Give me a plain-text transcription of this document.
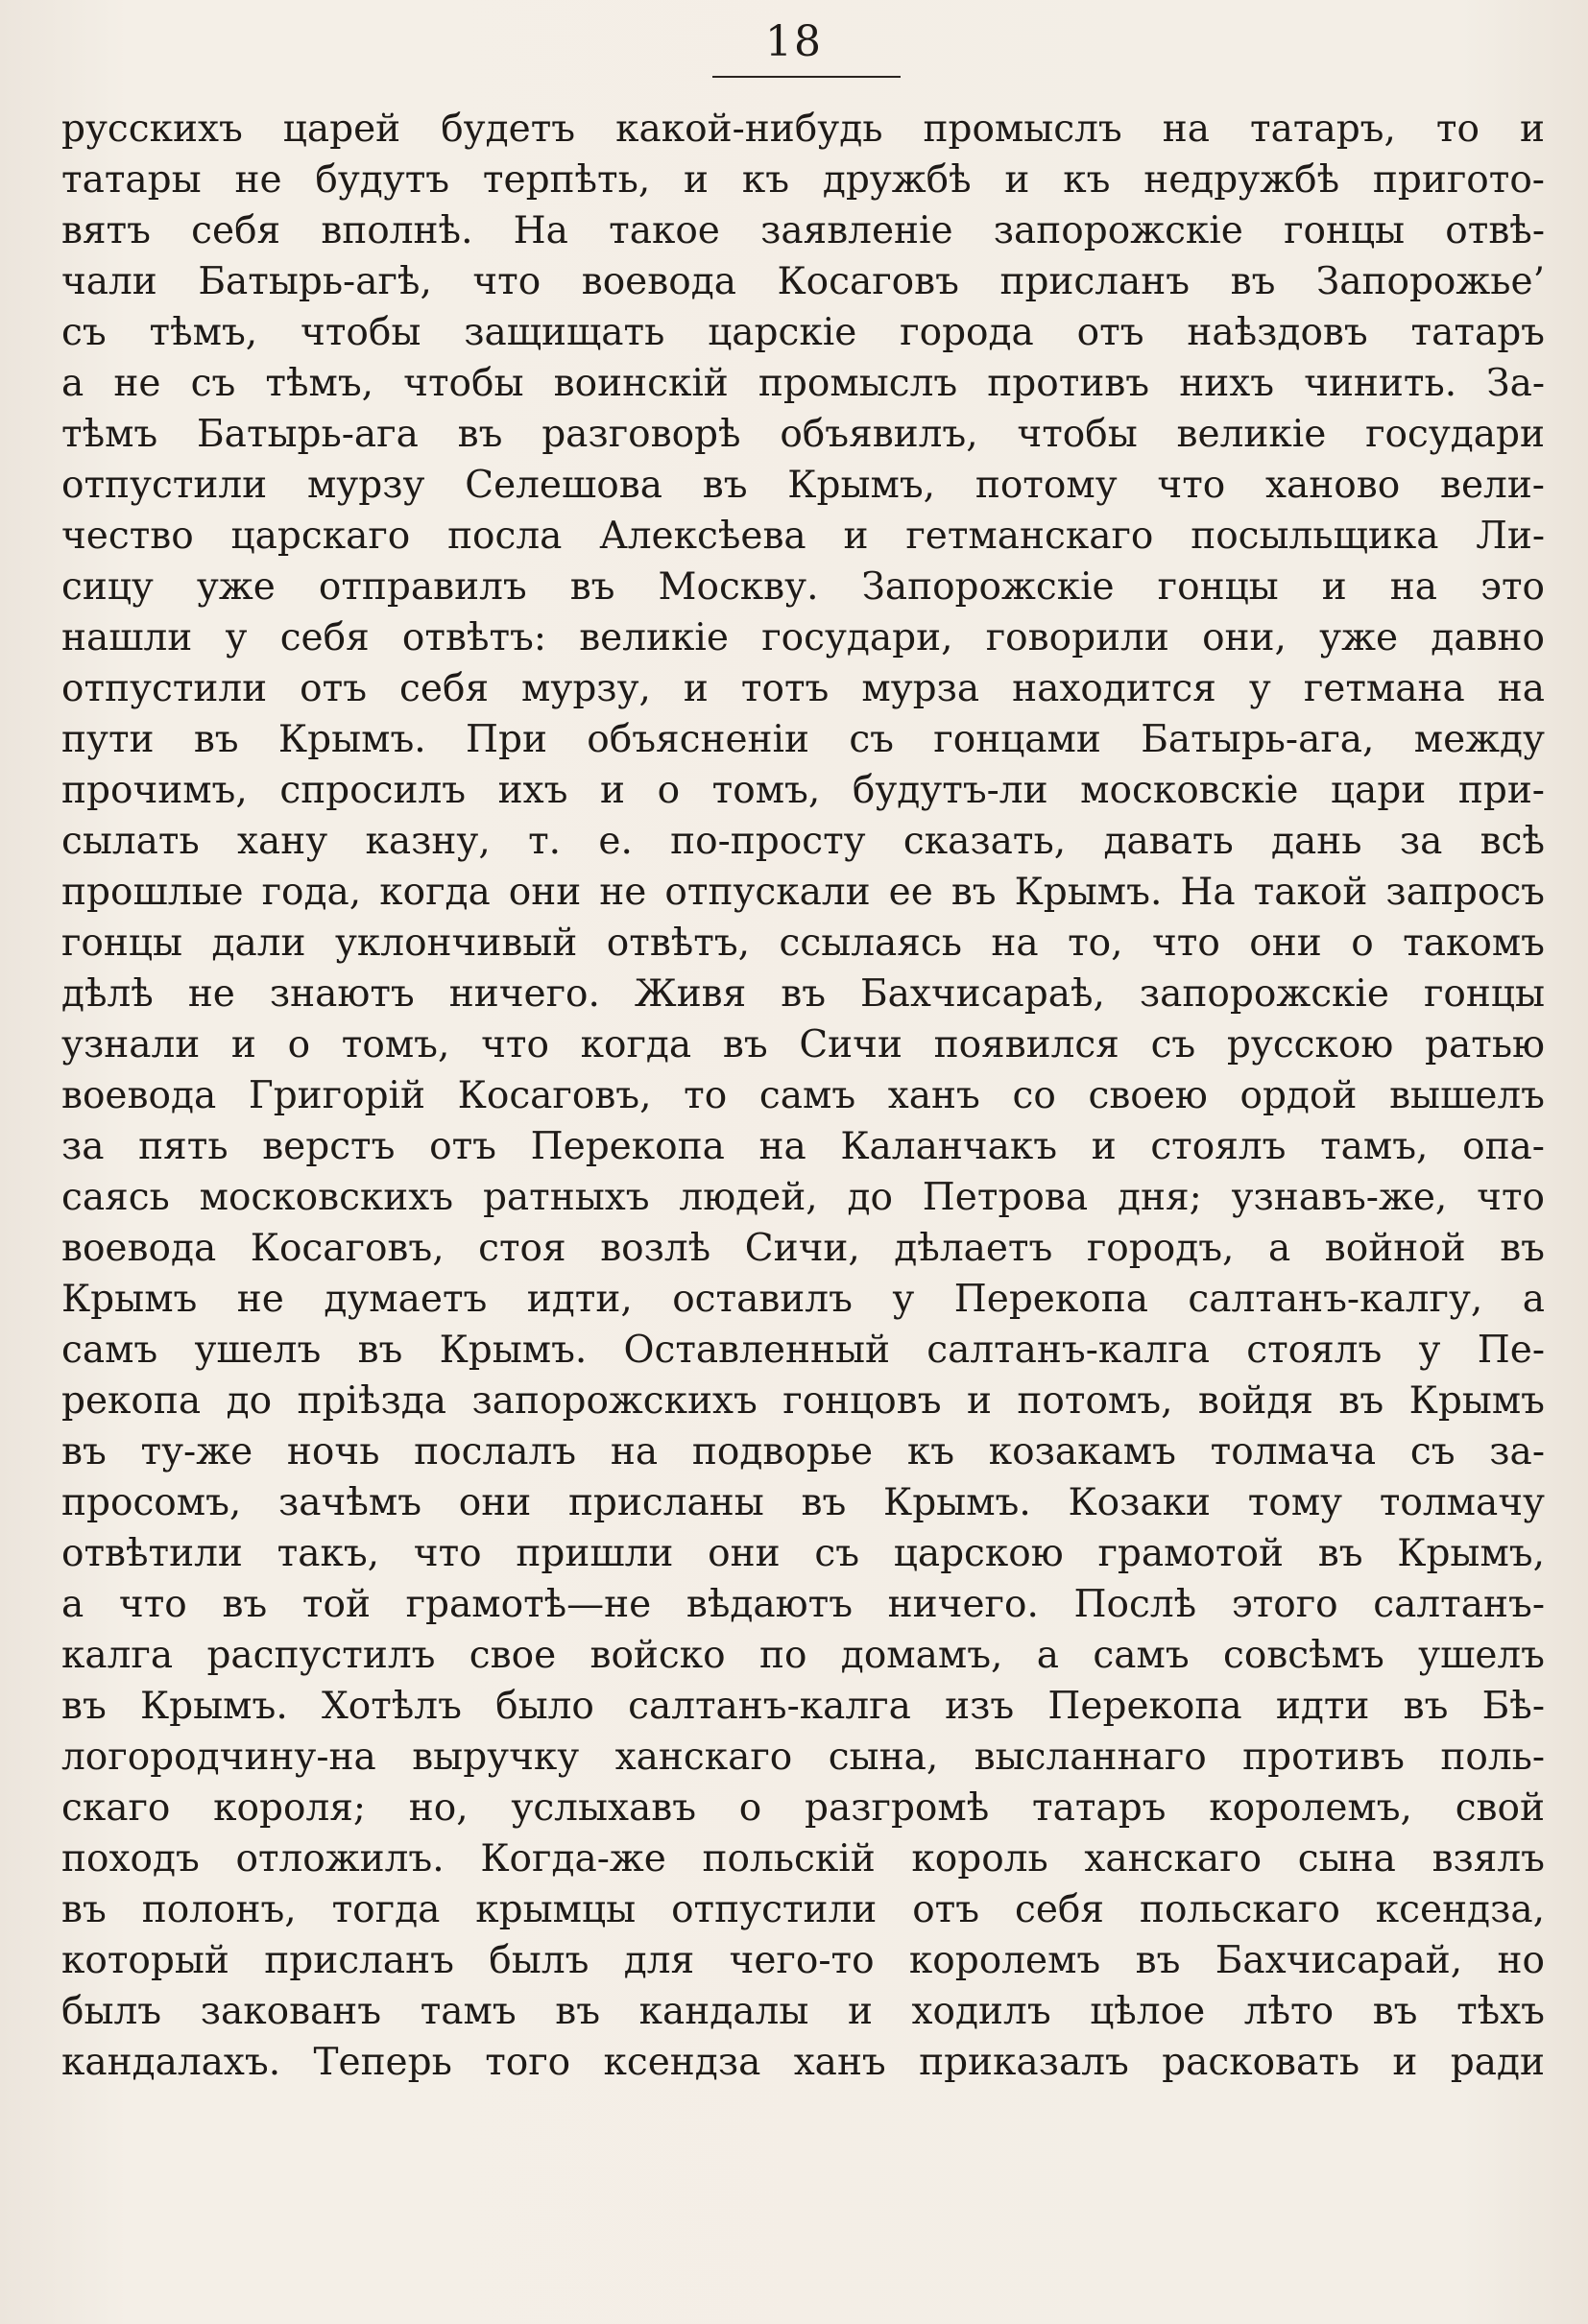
18
русскихъ царей будетъ какой-нибудь промыслъ на татаръ, то и
татары не будутъ терпѣть, и къ дружбѣ и къ недружбѣ пригото-
вятъ себя вполнѣ. На такое заявленіе запорожскіе гонцы отвѣ-
чали Батырь-агѣ, что воевода Косаговъ присланъ въ Запорожье’
съ тѣмъ, чтобы защищать царскіе города отъ наѣздовъ татаръ
а не съ тѣмъ, чтобы воинскій промыслъ противъ нихъ чинить. За-
тѣмъ Батырь-ага въ разговорѣ объявилъ, чтобы великіе государи
отпустили мурзу Селешова въ Крымъ, потому что ханово вели-
чество царскаго посла Алексѣева и гетманскаго посыльщика Ли-
сицу уже отправилъ въ Москву. Запорожскіе гонцы и на это
нашли у себя отвѣтъ: великіе государи, говорили они, уже давно
отпустили отъ себя мурзу, и тотъ мурза находится у гетмана на
пути въ Крымъ. При объясненіи съ гонцами Батырь-ага, между
прочимъ, спросилъ ихъ и о томъ, будутъ-ли московскіе цари при-
сылать хану казну, т. е. по-просту сказать, давать дань за всѣ
прошлые года, когда они не отпускали ее въ Крымъ. На такой запросъ
гонцы дали уклончивый отвѣтъ, ссылаясь на то, что они о такомъ
дѣлѣ не знаютъ ничего. Живя въ Бахчисараѣ, запорожскіе гонцы
узнали и о томъ, что когда въ Сичи появился съ русскою ратью
воевода Григорій Косаговъ, то самъ ханъ со своею ордой вышелъ
за пять верстъ отъ Перекопа на Каланчакъ и стоялъ тамъ, опа-
саясь московскихъ ратныхъ людей, до Петрова дня; узнавъ-же, что
воевода Косаговъ, стоя возлѣ Сичи, дѣлаетъ городъ, а войной въ
Крымъ не думаетъ идти, оставилъ у Перекопа салтанъ-калгу, а
самъ ушелъ въ Крымъ. Оставленный салтанъ-калга стоялъ у Пе-
рекопа до пріѣзда запорожскихъ гонцовъ и потомъ, войдя въ Крымъ
въ ту-же ночь послалъ на подворье къ козакамъ толмача съ за-
просомъ, зачѣмъ они присланы въ Крымъ. Козаки тому толмачу
отвѣтили такъ, что пришли они съ царскою грамотой въ Крымъ,
а что въ той грамотѣ—не вѣдаютъ ничего. Послѣ этого салтанъ-
калга распустилъ свое войско по домамъ, а самъ совсѣмъ ушелъ
въ Крымъ. Хотѣлъ было салтанъ-калга изъ Перекопа идти въ Бѣ-
логородчину-на выручку ханскаго сына, высланнаго противъ поль-
скаго короля; но, услыхавъ о разгромѣ татаръ королемъ, свой
походъ отложилъ. Когда-же польскій король ханскаго сына взялъ
въ полонъ, тогда крымцы отпустили отъ себя польскаго ксендза,
который присланъ былъ для чего-то королемъ въ Бахчисарай, но
былъ закованъ тамъ въ кандалы и ходилъ цѣлое лѣто въ тѣхъ
кандалахъ. Теперь того ксендза ханъ приказалъ расковать и ради
